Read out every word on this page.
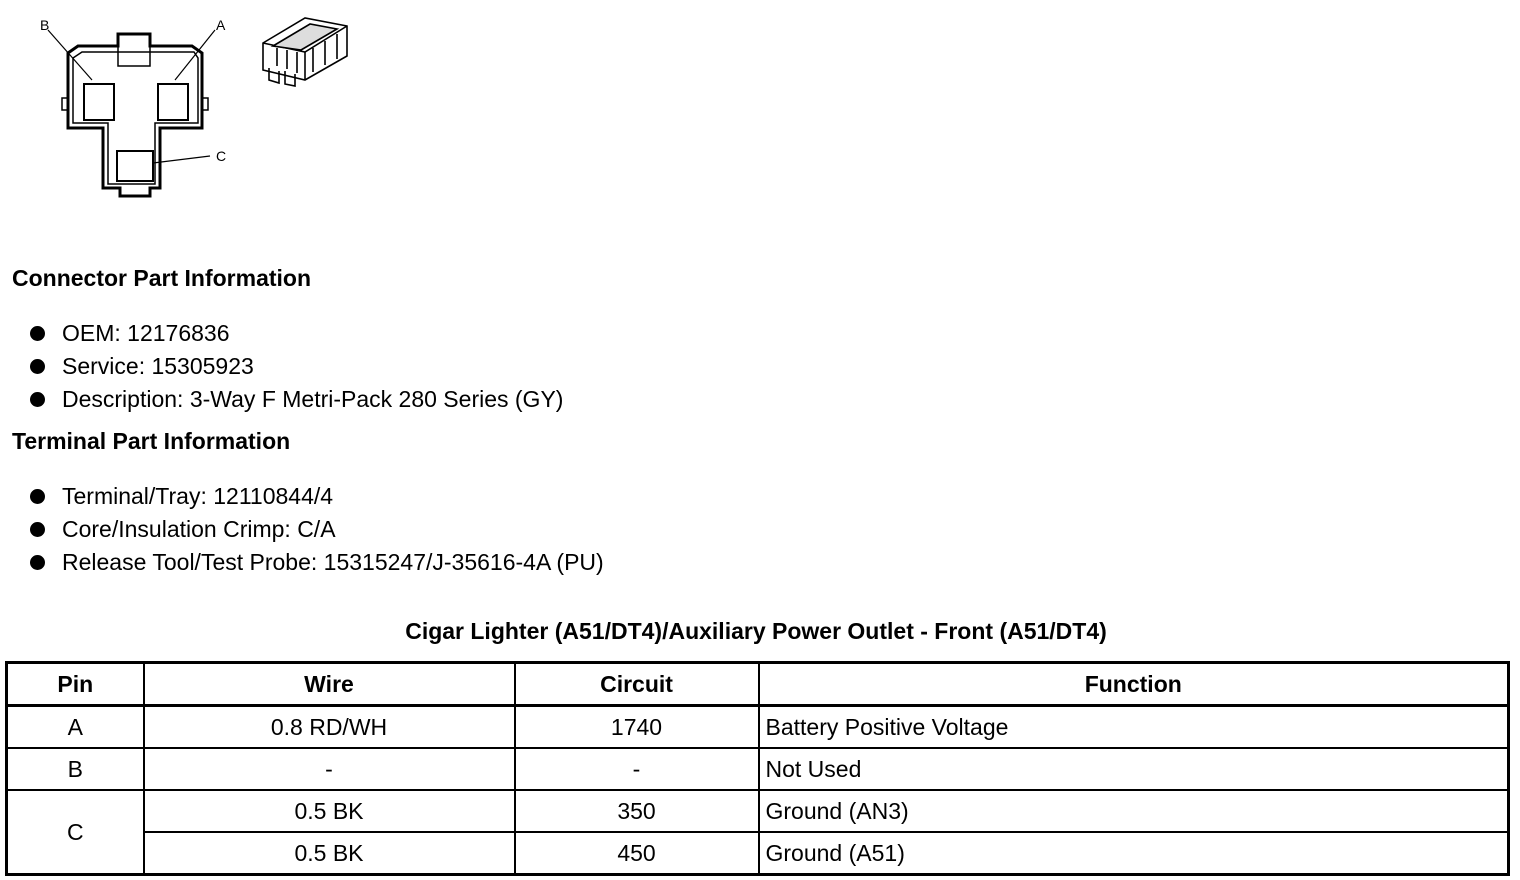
B	A
C
Connector Part Information
OEM: 12176836
Service: 15305923
Description: 3-Way F Metri-Pack 280 Series (GY)
Terminal Part Information
Terminal/Tray: 12110844/4
Core/Insulation Crimp: C/A
Release Tool/Test Probe: 15315247/J-35616-4A (PU)
Cigar Lighter (A51/DT4)/Auxiliary Power Outlet - Front (A51/DT4)
Pin	Wire	Circuit	Function
A	0.8 RD/WH	1740	Battery Positive Voltage
B	-	-	Not Used
C	0.5 BK	350	Ground (AN3)
	0.5 BK	450	Ground (A51)
